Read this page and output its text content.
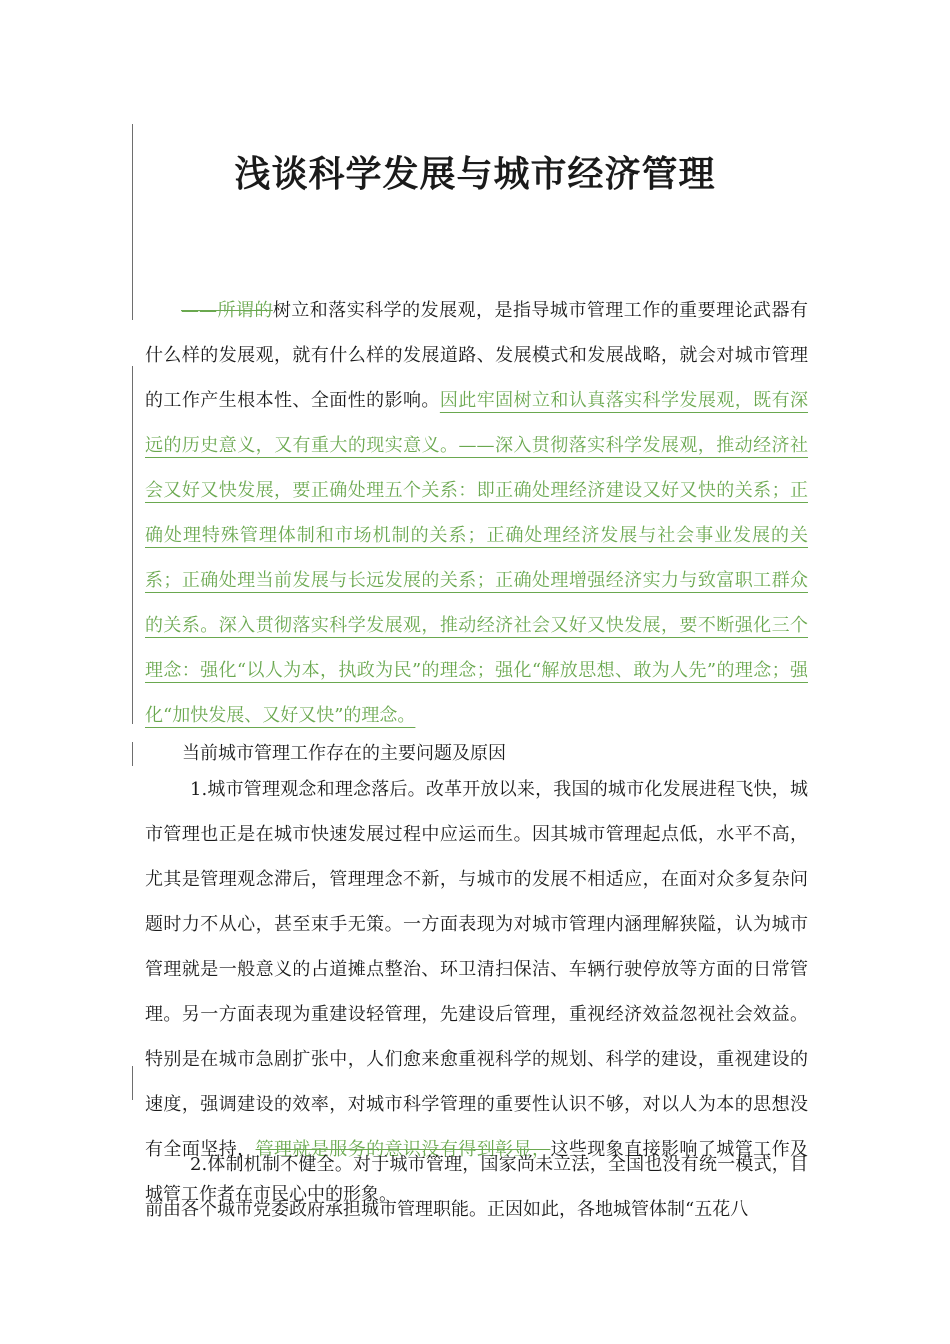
浅谈科学发展与城市经济管理

——所谓的树立和落实科学的发展观，是指导城市管理工作的重要理论武器有什么样的发展观，就有什么样的发展道路、发展模式和发展战略，就会对城市管理的工作产生根本性、全面性的影响。因此牢固树立和认真落实科学发展观，既有深远的历史意义，又有重大的现实意义。——深入贯彻落实科学发展观，推动经济社会又好又快发展，要正确处理五个关系：即正确处理经济建设又好又快的关系；正确处理特殊管理体制和市场机制的关系；正确处理经济发展与社会事业发展的关系；正确处理当前发展与长远发展的关系；正确处理增强经济实力与致富职工群众的关系。深入贯彻落实科学发展观，推动经济社会又好又快发展，要不断强化三个理念：强化“以人为本，执政为民”的理念；强化“解放思想、敢为人先”的理念；强化“加快发展、又好又快”的理念。

当前城市管理工作存在的主要问题及原因

1.城市管理观念和理念落后。改革开放以来，我国的城市化发展进程飞快，城市管理也正是在城市快速发展过程中应运而生。因其城市管理起点低，水平不高，尤其是管理观念滞后，管理理念不新，与城市的发展不相适应，在面对众多复杂问题时力不从心，甚至束手无策。一方面表现为对城市管理内涵理解狭隘，认为城市管理就是一般意义的占道摊点整治、环卫清扫保洁、车辆行驶停放等方面的日常管理。另一方面表现为重建设轻管理，先建设后管理，重视经济效益忽视社会效益。特别是在城市急剧扩张中，人们愈来愈重视科学的规划、科学的建设，重视建设的速度，强调建设的效率，对城市科学管理的重要性认识不够，对以人为本的思想没有全面坚持，管理就是服务的意识没有得到彰显，这些现象直接影响了城管工作及城管工作者在市民心中的形象。

2.体制机制不健全。对于城市管理，国家尚未立法，全国也没有统一模式，目前由各个城市党委政府承担城市管理职能。正因如此，各地城管体制“五花八
